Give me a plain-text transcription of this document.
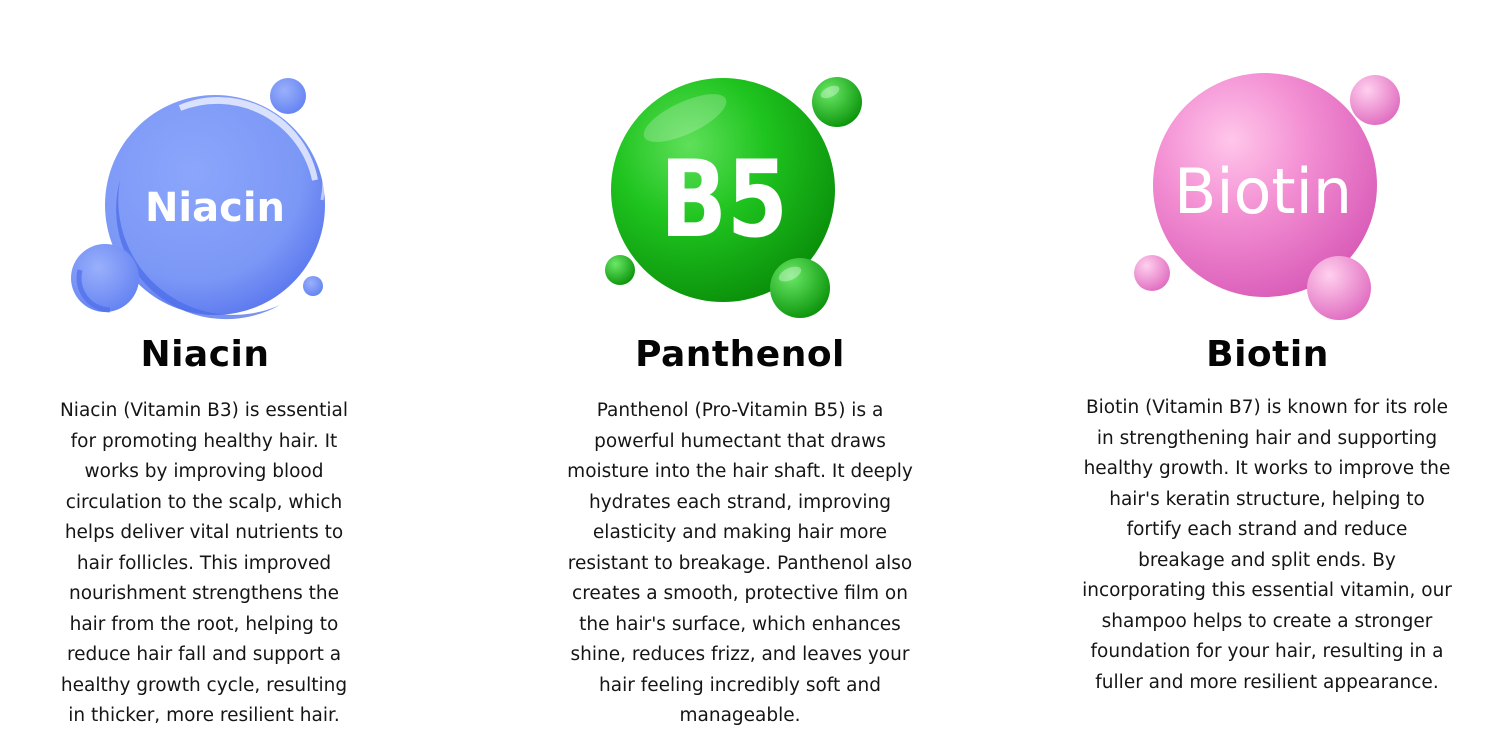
Niacin
Niacin

Niacin (Vitamin B3) is essential for promoting healthy hair. It works by improving blood circulation to the scalp, which helps deliver vital nutrients to hair follicles. This improved nourishment strengthens the hair from the root, helping to reduce hair fall and support a healthy growth cycle, resulting in thicker, more resilient hair.

B5
Panthenol

Panthenol (Pro-Vitamin B5) is a powerful humectant that draws moisture into the hair shaft. It deeply hydrates each strand, improving elasticity and making hair more resistant to breakage. Panthenol also creates a smooth, protective film on the hair's surface, which enhances shine, reduces frizz, and leaves your hair feeling incredibly soft and manageable.

Biotin
Biotin

Biotin (Vitamin B7) is known for its role in strengthening hair and supporting healthy growth. It works to improve the hair's keratin structure, helping to fortify each strand and reduce breakage and split ends. By incorporating this essential vitamin, our shampoo helps to create a stronger foundation for your hair, resulting in a fuller and more resilient appearance.
